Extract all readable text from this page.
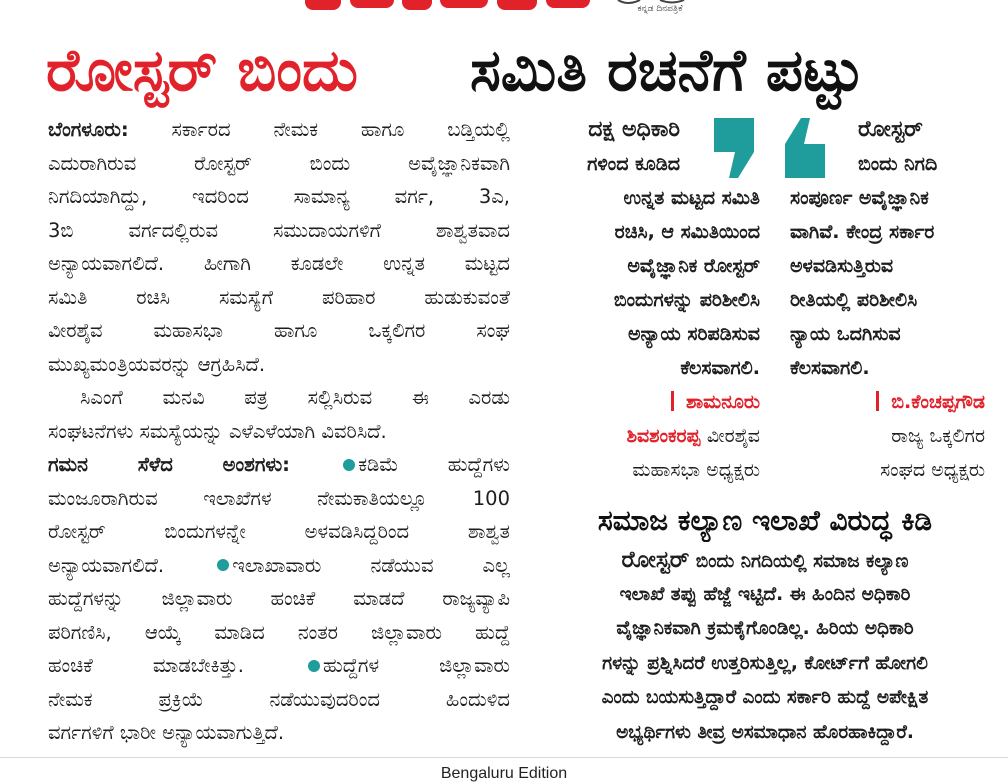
ಕನ್ನಡ ದಿನಪತ್ರಿಕೆ
ರೋಸ್ಟರ್ ಬಿಂದು	ಸಮಿತಿ ರಚನೆಗೆ ಪಟ್ಟು
ಬೆಂಗಳೂರು: ಸರ್ಕಾರದ ನೇಮಕ ಹಾಗೂ ಬಡ್ತಿಯಲ್ಲಿ
ಎದುರಾಗಿರುವ ರೋಸ್ಟರ್ ಬಿಂದು ಅವೈಜ್ಞಾನಿಕವಾಗಿ
ನಿಗದಿಯಾಗಿದ್ದು, ಇದರಿಂದ ಸಾಮಾನ್ಯ ವರ್ಗ, 3ಎ,
3ಬಿ ವರ್ಗದಲ್ಲಿರುವ ಸಮುದಾಯಗಳಿಗೆ ಶಾಶ್ವತವಾದ
ಅನ್ಯಾಯವಾಗಲಿದೆ. ಹೀಗಾಗಿ ಕೂಡಲೇ ಉನ್ನತ ಮಟ್ಟದ
ಸಮಿತಿ ರಚಿಸಿ ಸಮಸ್ಯೆಗೆ ಪರಿಹಾರ ಹುಡುಕುವಂತೆ
ವೀರಶೈವ ಮಹಾಸಭಾ ಹಾಗೂ ಒಕ್ಕಲಿಗರ ಸಂಘ
ಮುಖ್ಯಮಂತ್ರಿಯವರನ್ನು ಆಗ್ರಹಿಸಿದೆ.
ಸಿಎಂಗೆ ಮನವಿ ಪತ್ರ ಸಲ್ಲಿಸಿರುವ ಈ ಎರಡು
ಸಂಘಟನೆಗಳು ಸಮಸ್ಯೆಯನ್ನು ಎಳೆಎಳೆಯಾಗಿ ವಿವರಿಸಿದೆ.
ಗಮನ ಸೆಳೆದ ಅಂಶಗಳು:	ಕಡಿಮೆ ಹುದ್ದೆಗಳು
ಮಂಜೂರಾಗಿರುವ ಇಲಾಖೆಗಳ ನೇಮಕಾತಿಯಲ್ಲೂ 100
ರೋಸ್ಟರ್ ಬಿಂದುಗಳನ್ನೇ ಅಳವಡಿಸಿದ್ದರಿಂದ ಶಾಶ್ವತ
ಅನ್ಯಾಯವಾಗಲಿದೆ.	ಇಲಾಖಾವಾರು ನಡೆಯುವ ಎಲ್ಲ
ಹುದ್ದೆಗಳನ್ನು ಜಿಲ್ಲಾವಾರು ಹಂಚಿಕೆ ಮಾಡದೆ ರಾಜ್ಯವ್ಯಾಪಿ
ಪರಿಗಣಿಸಿ, ಆಯ್ಕೆ ಮಾಡಿದ ನಂತರ ಜಿಲ್ಲಾವಾರು ಹುದ್ದೆ
ಹಂಚಿಕೆ ಮಾಡಬೇಕಿತ್ತು.	ಹುದ್ದೆಗಳ ಜಿಲ್ಲಾವಾರು
ನೇಮಕ ಪ್ರಕ್ರಿಯೆ ನಡೆಯುವುದರಿಂದ ಹಿಂದುಳಿದ
ವರ್ಗಗಳಿಗೆ ಭಾರೀ ಅನ್ಯಾಯವಾಗುತ್ತಿದೆ.
ದಕ್ಷ ಅಧಿಕಾರಿ
ಗಳಿಂದ ಕೂಡಿದ
ಉನ್ನತ ಮಟ್ಟದ ಸಮಿತಿ
ರಚಿಸಿ, ಆ ಸಮಿತಿಯಿಂದ
ಅವೈಜ್ಞಾನಿಕ ರೋಸ್ಟರ್
ಬಿಂದುಗಳನ್ನು ಪರಿಶೀಲಿಸಿ
ಅನ್ಯಾಯ ಸರಿಪಡಿಸುವ
ಕೆಲಸವಾಗಲಿ.
ಶಾಮನೂರು
ಶಿವಶಂಕರಪ್ಪ ವೀರಶೈವ
ಮಹಾಸಭಾ ಅಧ್ಯಕ್ಷರು
ರೋಸ್ಟರ್
ಬಿಂದು ನಿಗದಿ
ಸಂಪೂರ್ಣ ಅವೈಜ್ಞಾನಿಕ
ವಾಗಿವೆ. ಕೇಂದ್ರ ಸರ್ಕಾರ
ಅಳವಡಿಸುತ್ತಿರುವ
ರೀತಿಯಲ್ಲಿ ಪರಿಶೀಲಿಸಿ
ನ್ಯಾಯ ಒದಗಿಸುವ
ಕೆಲಸವಾಗಲಿ.
ಬಿ.ಕೆಂಚಪ್ಪಗೌಡ
ರಾಜ್ಯ ಒಕ್ಕಲಿಗರ
ಸಂಘದ ಅಧ್ಯಕ್ಷರು
ಸಮಾಜ ಕಲ್ಯಾಣ ಇಲಾಖೆ ವಿರುದ್ಧ ಕಿಡಿ
ರೋಸ್ಟರ್ ಬಿಂದು ನಿಗದಿಯಲ್ಲಿ ಸಮಾಜ ಕಲ್ಯಾಣ
ಇಲಾಖೆ ತಪ್ಪು ಹೆಜ್ಜೆ ಇಟ್ಟಿದೆ. ಈ ಹಿಂದಿನ ಅಧಿಕಾರಿ
ವೈಜ್ಞಾನಿಕವಾಗಿ ಕ್ರಮಕೈಗೊಂಡಿಲ್ಲ. ಹಿರಿಯ ಅಧಿಕಾರಿ
ಗಳನ್ನು ಪ್ರಶ್ನಿಸಿದರೆ ಉತ್ತರಿಸುತ್ತಿಲ್ಲ, ಕೋರ್ಟ್‌ಗೆ ಹೋಗಲಿ
ಎಂದು ಬಯಸುತ್ತಿದ್ದಾರೆ ಎಂದು ಸರ್ಕಾರಿ ಹುದ್ದೆ ಅಪೇಕ್ಷಿತ
ಅಭ್ಯರ್ಥಿಗಳು ತೀವ್ರ ಅಸಮಾಧಾನ ಹೊರಹಾಕಿದ್ದಾರೆ.
Bengaluru Edition
